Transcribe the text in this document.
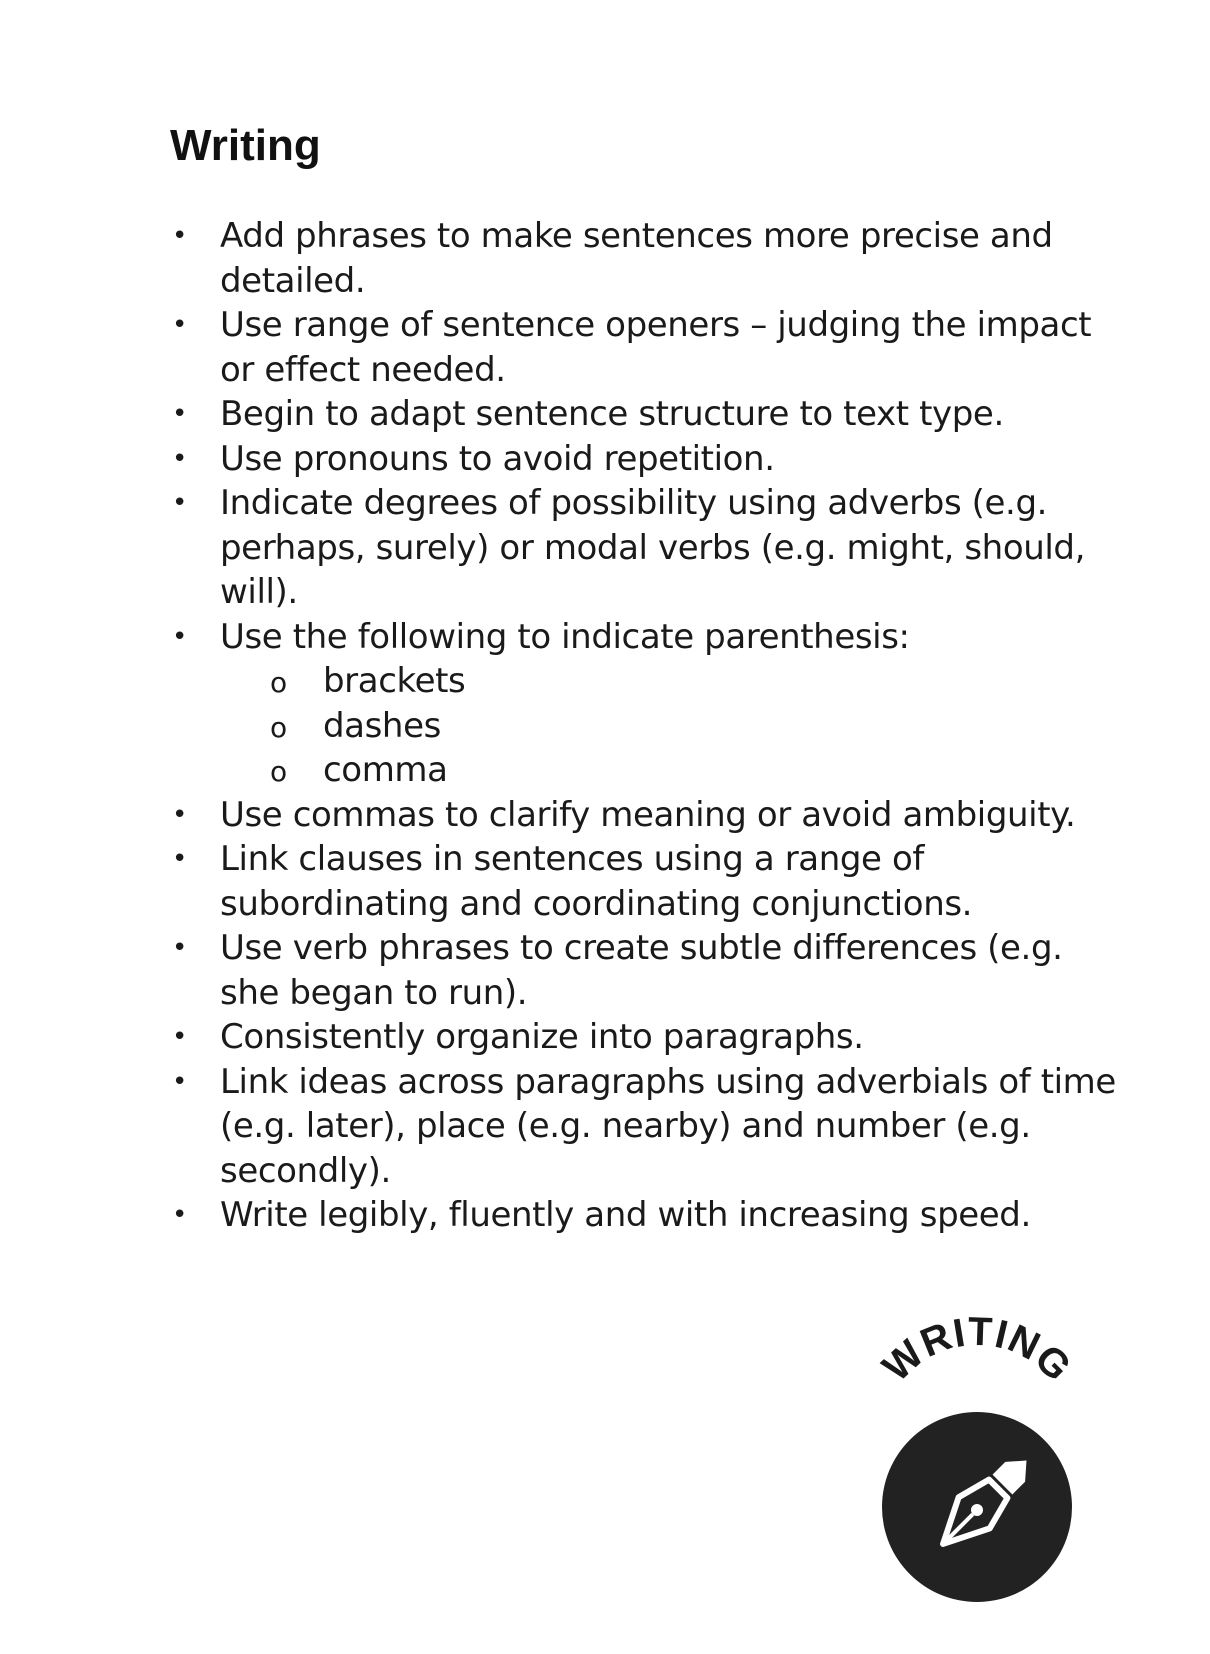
Writing
• Add phrases to make sentences more precise and detailed.
• Use range of sentence openers – judging the impact or effect needed.
• Begin to adapt sentence structure to text type.
• Use pronouns to avoid repetition.
• Indicate degrees of possibility using adverbs (e.g. perhaps, surely) or modal verbs (e.g. might, should, will).
• Use the following to indicate parenthesis:
o brackets
o dashes
o comma
• Use commas to clarify meaning or avoid ambiguity.
• Link clauses in sentences using a range of subordinating and coordinating conjunctions.
• Use verb phrases to create subtle differences (e.g. she began to run).
• Consistently organize into paragraphs.
• Link ideas across paragraphs using adverbials of time (e.g. later), place (e.g. nearby) and number (e.g. secondly).
• Write legibly, fluently and with increasing speed.
WRITING
